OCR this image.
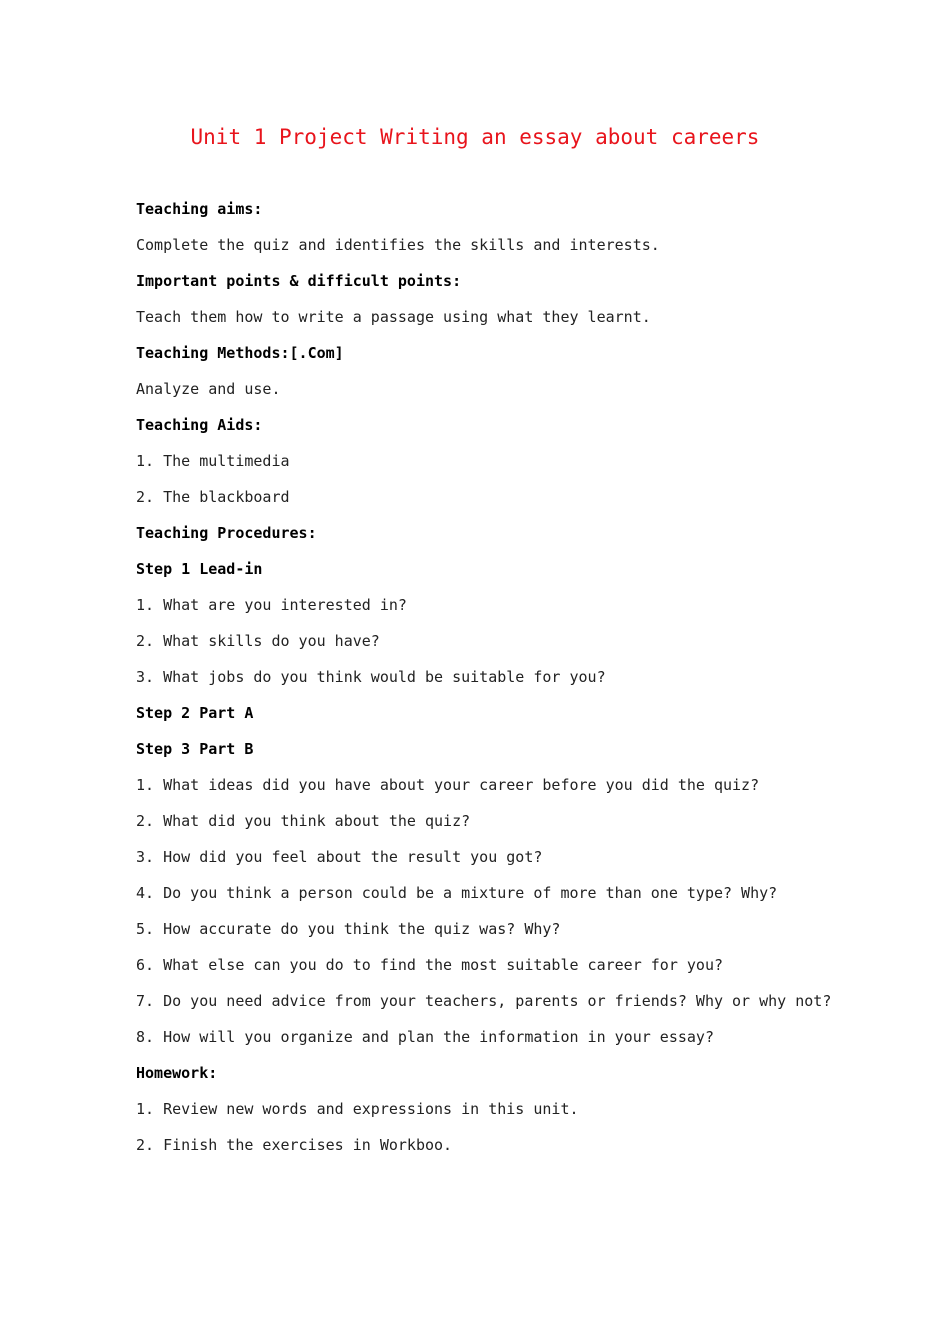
Unit 1 Project Writing an essay about careers
Teaching aims:
Complete the quiz and identifies the skills and interests.
Important points & difficult points:
Teach them how to write a passage using what they learnt.
Teaching Methods:[.Com]
Analyze and use.
Teaching Aids:
1. The multimedia
2. The blackboard
Teaching Procedures:
Step 1 Lead-in
1. What are you interested in?
2. What skills do you have?
3. What jobs do you think would be suitable for you?
Step 2 Part A
Step 3 Part B
1. What ideas did you have about your career before you did the quiz?
2. What did you think about the quiz?
3. How did you feel about the result you got?
4. Do you think a person could be a mixture of more than one type? Why?
5. How accurate do you think the quiz was? Why?
6. What else can you do to find the most suitable career for you?
7. Do you need advice from your teachers, parents or friends? Why or why not?
8. How will you organize and plan the information in your essay?
Homework:
1. Review new words and expressions in this unit.
2. Finish the exercises in Workboo.
